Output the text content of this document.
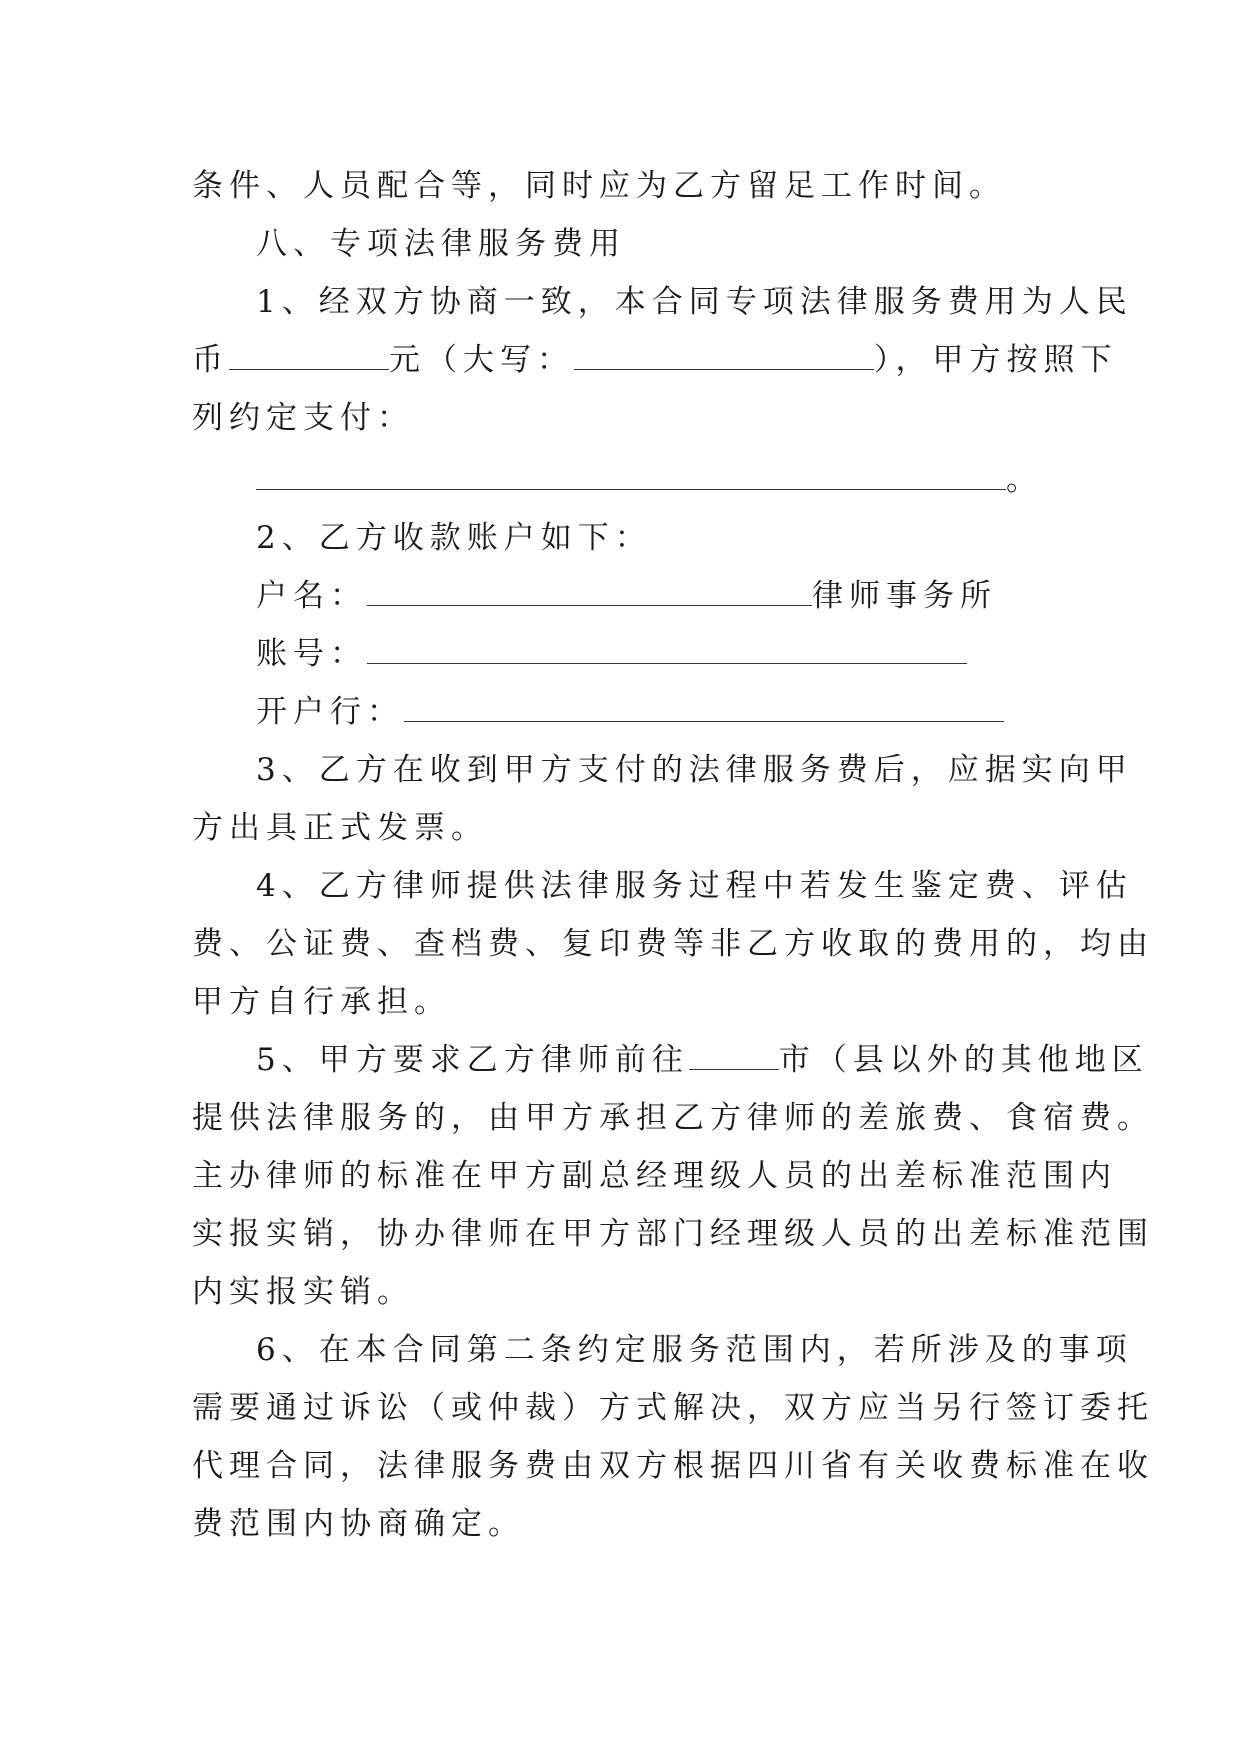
条件、人员配合等，同时应为乙方留足工作时间。
八、专项法律服务费用
1、经双方协商一致，本合同专项法律服务费用为人民
币	元（大写：	），甲方按照下
列约定支付：
。
2、乙方收款账户如下：
户名：	律师事务所
账号：
开户行：
3、乙方在收到甲方支付的法律服务费后，应据实向甲
方出具正式发票。
4、乙方律师提供法律服务过程中若发生鉴定费、评估
费、公证费、查档费、复印费等非乙方收取的费用的，均由
甲方自行承担。
5、甲方要求乙方律师前往	市（县以外的其他地区
提供法律服务的，由甲方承担乙方律师的差旅费、食宿费。
主办律师的标准在甲方副总经理级人员的出差标准范围内
实报实销，协办律师在甲方部门经理级人员的出差标准范围
内实报实销。
6、在本合同第二条约定服务范围内，若所涉及的事项
需要通过诉讼（或仲裁）方式解决，双方应当另行签订委托
代理合同，法律服务费由双方根据四川省有关收费标准在收
费范围内协商确定。
